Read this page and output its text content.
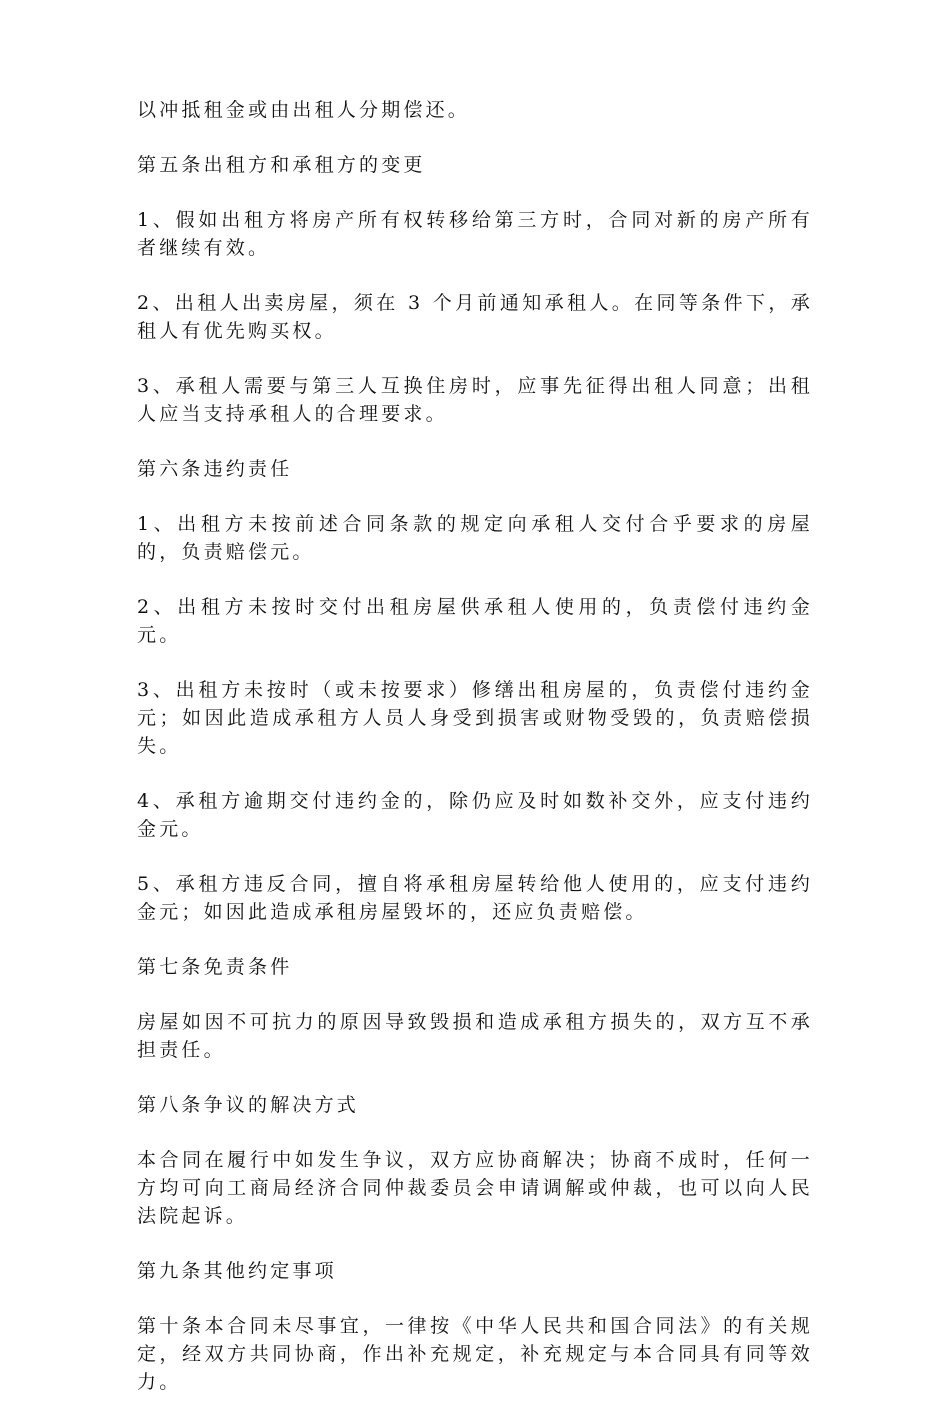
以冲抵租金或由出租人分期偿还。

第五条出租方和承租方的变更

1、假如出租方将房产所有权转移给第三方时，合同对新的房产所有者继续有效。

2、出租人出卖房屋，须在 3 个月前通知承租人。在同等条件下，承租人有优先购买权。

3、承租人需要与第三人互换住房时，应事先征得出租人同意；出租人应当支持承租人的合理要求。

第六条违约责任

1、出租方未按前述合同条款的规定向承租人交付合乎要求的房屋的，负责赔偿元。

2、出租方未按时交付出租房屋供承租人使用的，负责偿付违约金元。

3、出租方未按时（或未按要求）修缮出租房屋的，负责偿付违约金元；如因此造成承租方人员人身受到损害或财物受毁的，负责赔偿损失。

4、承租方逾期交付违约金的，除仍应及时如数补交外，应支付违约金元。

5、承租方违反合同，擅自将承租房屋转给他人使用的，应支付违约金元；如因此造成承租房屋毁坏的，还应负责赔偿。

第七条免责条件

房屋如因不可抗力的原因导致毁损和造成承租方损失的，双方互不承担责任。

第八条争议的解决方式

本合同在履行中如发生争议，双方应协商解决；协商不成时，任何一方均可向工商局经济合同仲裁委员会申请调解或仲裁，也可以向人民法院起诉。

第九条其他约定事项

第十条本合同未尽事宜，一律按《中华人民共和国合同法》的有关规定，经双方共同协商，作出补充规定，补充规定与本合同具有同等效力。
